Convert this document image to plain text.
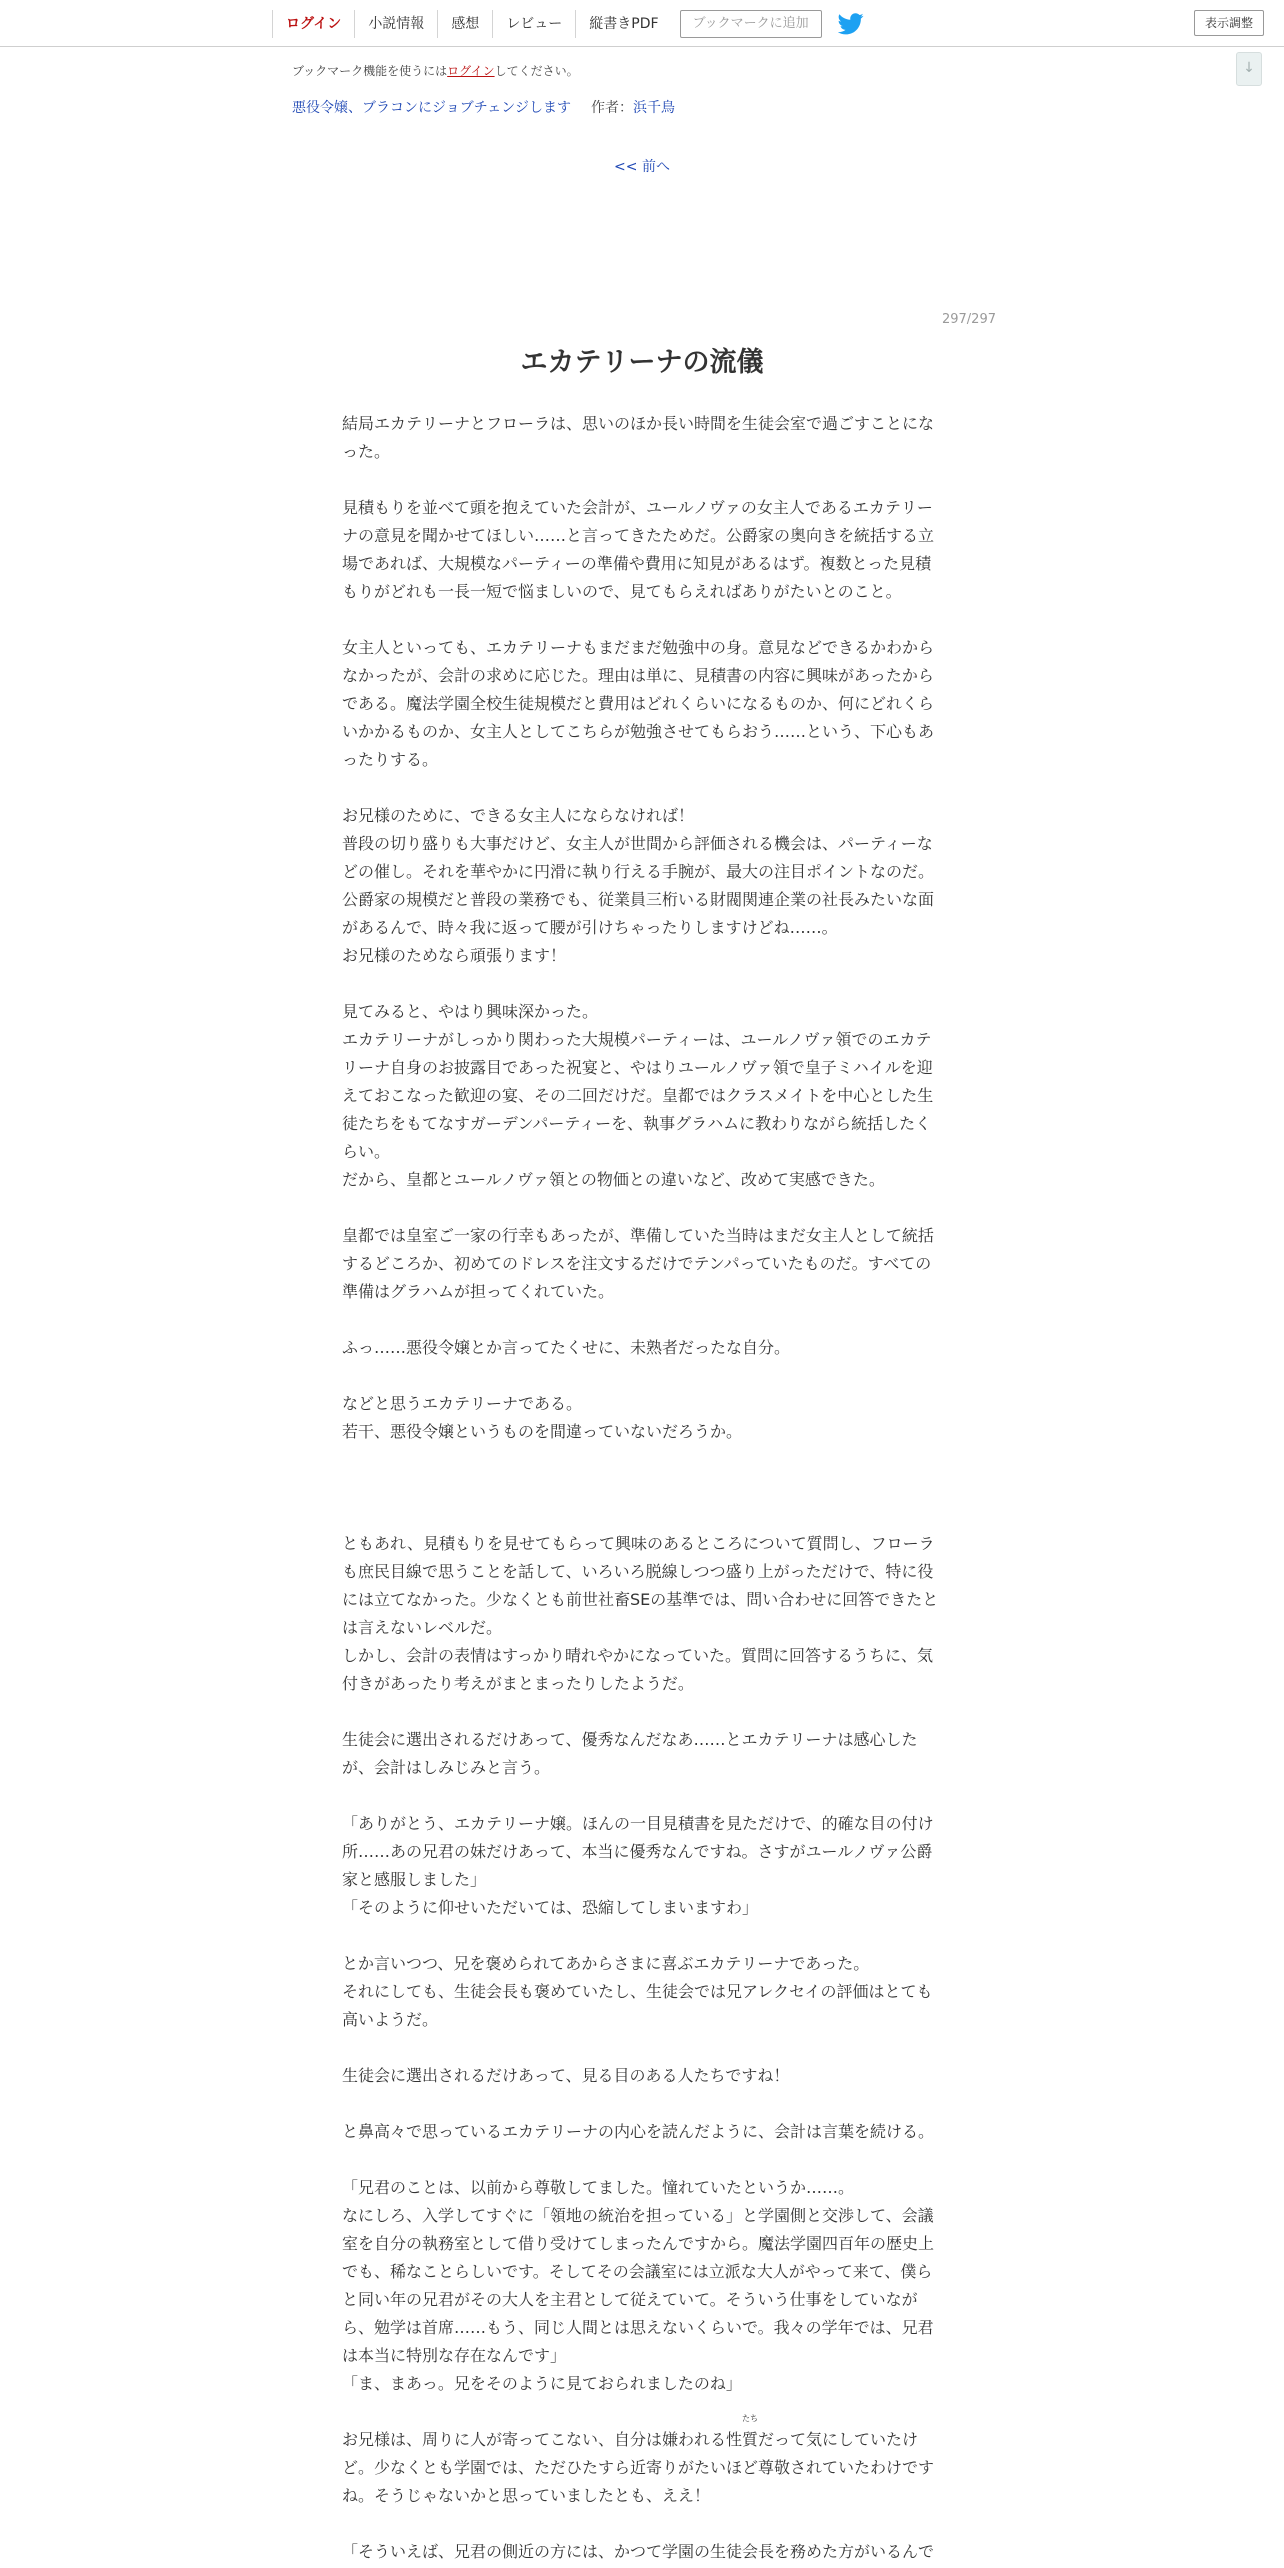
ログイン	小説情報	感想	レビュー	縦書きPDF	ブックマークに追加	表示調整
ブックマーク機能を使うにはログインしてください。
悪役令嬢、ブラコンにジョブチェンジします 作者：浜千鳥
↓
<< 前へ
297/297
エカテリーナの流儀

結局エカテリーナとフローラは、思いのほか長い時間を生徒会室で過ごすことになった。

見積もりを並べて頭を抱えていた会計が、ユールノヴァの女主人であるエカテリーナの意見を聞かせてほしい……と言ってきたためだ。公爵家の奥向きを統括する立場であれば、大規模なパーティーの準備や費用に知見があるはず。複数とった見積もりがどれも一長一短で悩ましいので、見てもらえればありがたいとのこと。

女主人といっても、エカテリーナもまだまだ勉強中の身。意見などできるかわからなかったが、会計の求めに応じた。理由は単に、見積書の内容に興味があったからである。魔法学園全校生徒規模だと費用はどれくらいになるものか、何にどれくらいかかるものか、女主人としてこちらが勉強させてもらおう……という、下心もあったりする。

お兄様のために、できる女主人にならなければ！
普段の切り盛りも大事だけど、女主人が世間から評価される機会は、パーティーなどの催し。それを華やかに円滑に執り行える手腕が、最大の注目ポイントなのだ。公爵家の規模だと普段の業務でも、従業員三桁いる財閥関連企業の社長みたいな面があるんで、時々我に返って腰が引けちゃったりしますけどね……。
お兄様のためなら頑張ります！

見てみると、やはり興味深かった。
エカテリーナがしっかり関わった大規模パーティーは、ユールノヴァ領でのエカテリーナ自身のお披露目であった祝宴と、やはりユールノヴァ領で皇子ミハイルを迎えておこなった歓迎の宴、その二回だけだ。皇都ではクラスメイトを中心とした生徒たちをもてなすガーデンパーティーを、執事グラハムに教わりながら統括したくらい。
だから、皇都とユールノヴァ領との物価との違いなど、改めて実感できた。

皇都では皇室ご一家の行幸もあったが、準備していた当時はまだ女主人として統括するどころか、初めてのドレスを注文するだけでテンパっていたものだ。すべての準備はグラハムが担ってくれていた。

ふっ……悪役令嬢とか言ってたくせに、未熟者だったな自分。

などと思うエカテリーナである。
若干、悪役令嬢というものを間違っていないだろうか。

ともあれ、見積もりを見せてもらって興味のあるところについて質問し、フローラも庶民目線で思うことを話して、いろいろ脱線しつつ盛り上がっただけで、特に役には立てなかった。少なくとも前世社畜SEの基準では、問い合わせに回答できたとは言えないレベルだ。
しかし、会計の表情はすっかり晴れやかになっていた。質問に回答するうちに、気付きがあったり考えがまとまったりしたようだ。

生徒会に選出されるだけあって、優秀なんだなあ……とエカテリーナは感心したが、会計はしみじみと言う。

「ありがとう、エカテリーナ嬢。ほんの一目見積書を見ただけで、的確な目の付け所……あの兄君の妹だけあって、本当に優秀なんですね。さすがユールノヴァ公爵家と感服しました」
「そのように仰せいただいては、恐縮してしまいますわ」

とか言いつつ、兄を褒められてあからさまに喜ぶエカテリーナであった。
それにしても、生徒会長も褒めていたし、生徒会では兄アレクセイの評価はとても高いようだ。

生徒会に選出されるだけあって、見る目のある人たちですね！

と鼻高々で思っているエカテリーナの内心を読んだように、会計は言葉を続ける。

「兄君のことは、以前から尊敬してました。憧れていたというか……。
なにしろ、入学してすぐに「領地の統治を担っている」と学園側と交渉して、会議室を自分の執務室として借り受けてしまったんですから。魔法学園四百年の歴史上でも、稀なことらしいです。そしてその会議室には立派な大人がやって来て、僕らと同い年の兄君がその大人を主君として従えていて。そういう仕事をしていながら、勉学は首席……もう、同じ人間とは思えないくらいで。我々の学年では、兄君は本当に特別な存在なんです」
「ま、まあっ。兄をそのように見ておられましたのね」

お兄様は、周りに人が寄ってこない、自分は嫌われる性質
たち
だって気にしていたけど。少なくとも学園では、ただひたすら近寄りがたいほど尊敬されていたわけですね。そうじゃないかと思っていましたとも、ええ！

「そういえば、兄君の側近の方には、かつて学園の生徒会長を務めた方がいるんで
